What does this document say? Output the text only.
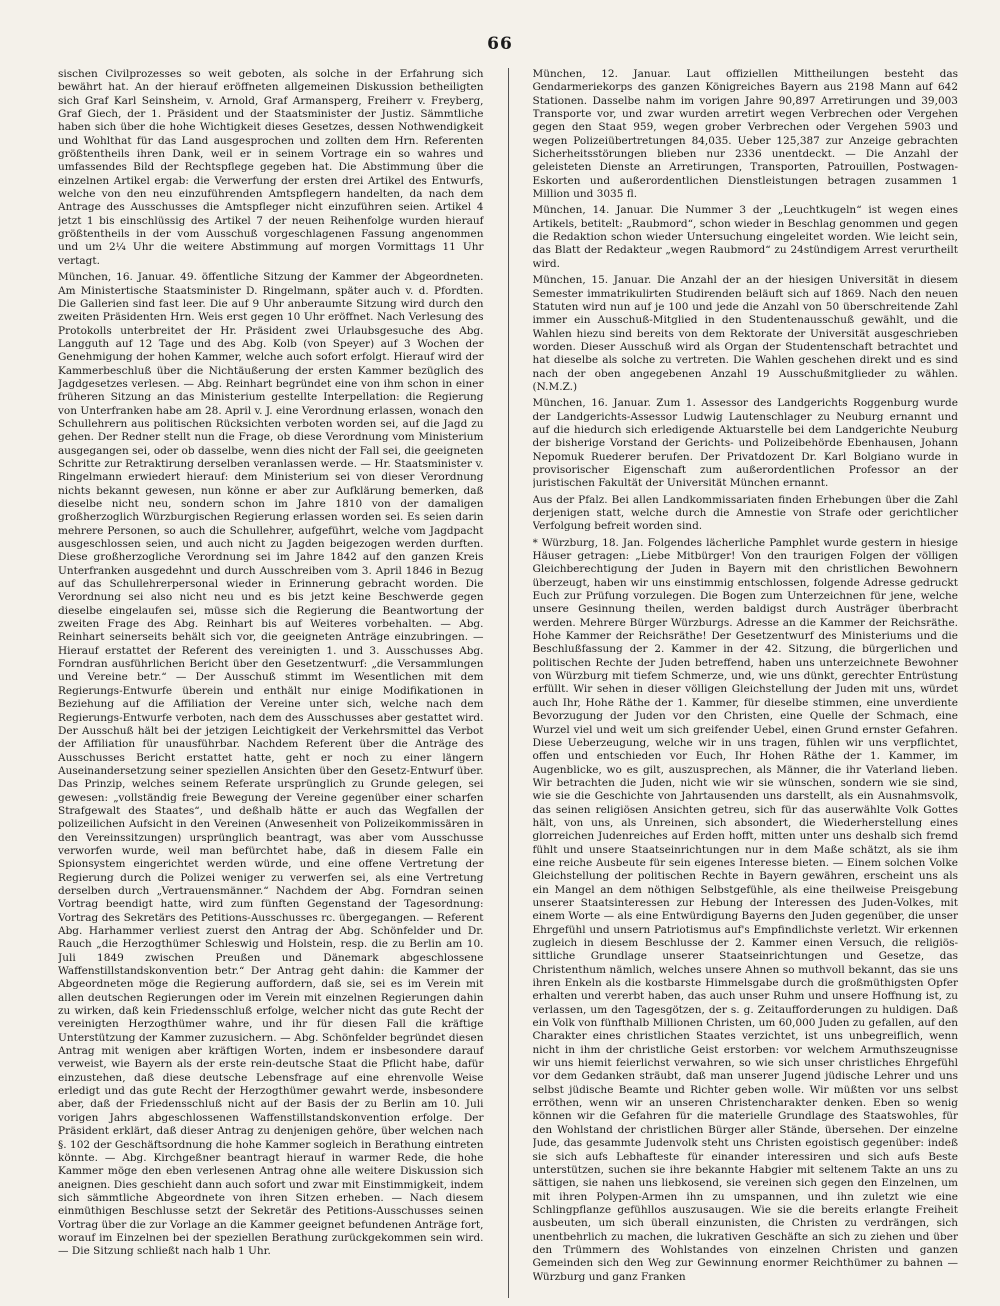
66

sischen Civilprozesses so weit geboten, als solche in der Erfahrung sich bewährt hat. An der hierauf eröffneten allgemeinen Diskussion betheiligten sich Graf Karl Seinsheim, v. Arnold, Graf Armansperg, Freiherr v. Freyberg, Graf Giech, der 1. Präsident und der Staatsminister der Justiz. Sämmtliche haben sich über die hohe Wichtigkeit dieses Gesetzes, dessen Nothwendigkeit und Wohlthat für das Land ausgesprochen und zollten dem Hrn. Referenten größtentheils ihren Dank, weil er in seinem Vortrage ein so wahres und umfassendes Bild der Rechtspflege gegeben hat. Die Abstimmung über die einzelnen Artikel ergab: die Verwerfung der ersten drei Artikel des Entwurfs, welche von den neu einzuführenden Amtspflegern handelten, da nach dem Antrage des Ausschusses die Amtspfleger nicht einzuführen seien. Artikel 4 jetzt 1 bis einschlüssig des Artikel 7 der neuen Reihenfolge wurden hierauf größtentheils in der vom Ausschuß vorgeschlagenen Fassung angenommen und um 2¼ Uhr die weitere Abstimmung auf morgen Vormittags 11 Uhr vertagt.

München, 16. Januar. 49. öffentliche Sitzung der Kammer der Abgeordneten. Am Ministertische Staatsminister D. Ringelmann, später auch v. d. Pfordten. Die Gallerien sind fast leer. Die auf 9 Uhr anberaumte Sitzung wird durch den zweiten Präsidenten Hrn. Weis erst gegen 10 Uhr eröffnet. Nach Verlesung des Protokolls unterbreitet der Hr. Präsident zwei Urlaubsgesuche des Abg. Langguth auf 12 Tage und des Abg. Kolb (von Speyer) auf 3 Wochen der Genehmigung der hohen Kammer, welche auch sofort erfolgt. Hierauf wird der Kammerbeschluß über die Nichtäußerung der ersten Kammer bezüglich des Jagdgesetzes verlesen. — Abg. Reinhart begründet eine von ihm schon in einer früheren Sitzung an das Ministerium gestellte Interpellation: die Regierung von Unterfranken habe am 28. April v. J. eine Verordnung erlassen, wonach den Schullehrern aus politischen Rücksichten verboten worden sei, auf die Jagd zu gehen. Der Redner stellt nun die Frage, ob diese Verordnung vom Ministerium ausgegangen sei, oder ob dasselbe, wenn dies nicht der Fall sei, die geeigneten Schritte zur Retraktirung derselben veranlassen werde. — Hr. Staatsminister v. Ringelmann erwiedert hierauf: dem Ministerium sei von dieser Verordnung nichts bekannt gewesen, nun könne er aber zur Aufklärung bemerken, daß dieselbe nicht neu, sondern schon im Jahre 1810 von der damaligen großherzoglich Würzburgischen Regierung erlassen worden sei. Es seien darin mehrere Personen, so auch die Schullehrer, aufgeführt, welche vom Jagdpacht ausgeschlossen seien, und auch nicht zu Jagden beigezogen werden durften. Diese großherzogliche Verordnung sei im Jahre 1842 auf den ganzen Kreis Unterfranken ausgedehnt und durch Ausschreiben vom 3. April 1846 in Bezug auf das Schullehrerpersonal wieder in Erinnerung gebracht worden. Die Verordnung sei also nicht neu und es bis jetzt keine Beschwerde gegen dieselbe eingelaufen sei, müsse sich die Regierung die Beantwortung der zweiten Frage des Abg. Reinhart bis auf Weiteres vorbehalten. — Abg. Reinhart seinerseits behält sich vor, die geeigneten Anträge einzubringen. — Hierauf erstattet der Referent des vereinigten 1. und 3. Ausschusses Abg. Forndran ausführlichen Bericht über den Gesetzentwurf: „die Versammlungen und Vereine betr.“ — Der Ausschuß stimmt im Wesentlichen mit dem Regierungs-Entwurfe überein und enthält nur einige Modifikationen in Beziehung auf die Affiliation der Vereine unter sich, welche nach dem Regierungs-Entwurfe verboten, nach dem des Ausschusses aber gestattet wird. Der Ausschuß hält bei der jetzigen Leichtigkeit der Verkehrsmittel das Verbot der Affiliation für unausführbar. Nachdem Referent über die Anträge des Ausschusses Bericht erstattet hatte, geht er noch zu einer längern Auseinandersetzung seiner speziellen Ansichten über den Gesetz-Entwurf über. Das Prinzip, welches seinem Referate ursprünglich zu Grunde gelegen, sei gewesen: „vollständig freie Bewegung der Vereine gegenüber einer scharfen Strafgewalt des Staates“, und deßhalb hätte er auch das Wegfallen der polizeilichen Aufsicht in den Vereinen (Anwesenheit von Polizeikommissären in den Vereinssitzungen) ursprünglich beantragt, was aber vom Ausschusse verworfen wurde, weil man befürchtet habe, daß in diesem Falle ein Spionsystem eingerichtet werden würde, und eine offene Vertretung der Regierung durch die Polizei weniger zu verwerfen sei, als eine Vertretung derselben durch „Vertrauensmänner.“ Nachdem der Abg. Forndran seinen Vortrag beendigt hatte, wird zum fünften Gegenstand der Tagesordnung: Vortrag des Sekretärs des Petitions-Ausschusses rc. übergegangen. — Referent Abg. Harhammer verliest zuerst den Antrag der Abg. Schönfelder und Dr. Rauch „die Herzogthümer Schleswig und Holstein, resp. die zu Berlin am 10. Juli 1849 zwischen Preußen und Dänemark abgeschlossene Waffenstillstandskonvention betr.“ Der Antrag geht dahin: die Kammer der Abgeordneten möge die Regierung auffordern, daß sie, sei es im Verein mit allen deutschen Regierungen oder im Verein mit einzelnen Regierungen dahin zu wirken, daß kein Friedensschluß erfolge, welcher nicht das gute Recht der vereinigten Herzogthümer wahre, und ihr für diesen Fall die kräftige Unterstützung der Kammer zuzusichern. — Abg. Schönfelder begründet diesen Antrag mit wenigen aber kräftigen Worten, indem er insbesondere darauf verweist, wie Bayern als der erste rein-deutsche Staat die Pflicht habe, dafür einzustehen, daß diese deutsche Lebensfrage auf eine ehrenvolle Weise erledigt und das gute Recht der Herzogthümer gewahrt werde, insbesondere aber, daß der Friedensschluß nicht auf der Basis der zu Berlin am 10. Juli vorigen Jahrs abgeschlossenen Waffenstillstandskonvention erfolge. Der Präsident erklärt, daß dieser Antrag zu denjenigen gehöre, über welchen nach §. 102 der Geschäftsordnung die hohe Kammer sogleich in Berathung eintreten könnte. — Abg. Kirchgeßner beantragt hierauf in warmer Rede, die hohe Kammer möge den eben verlesenen Antrag ohne alle weitere Diskussion sich aneignen. Dies geschieht dann auch sofort und zwar mit Einstimmigkeit, indem sich sämmtliche Abgeordnete von ihren Sitzen erheben. — Nach diesem einmüthigen Beschlusse setzt der Sekretär des Petitions-Ausschusses seinen Vortrag über die zur Vorlage an die Kammer geeignet befundenen Anträge fort, worauf im Einzelnen bei der speziellen Berathung zurückgekommen sein wird. — Die Sitzung schließt nach halb 1 Uhr.

München, 12. Januar. Laut offiziellen Mittheilungen besteht das Gendarmeriekorps des ganzen Königreiches Bayern aus 2198 Mann auf 642 Stationen. Dasselbe nahm im vorigen Jahre 90,897 Arretirungen und 39,003 Transporte vor, und zwar wurden arretirt wegen Verbrechen oder Vergehen gegen den Staat 959, wegen grober Verbrechen oder Vergehen 5903 und wegen Polizeiübertretungen 84,035. Ueber 125,387 zur Anzeige gebrachten Sicherheitsstörungen blieben nur 2336 unentdeckt. — Die Anzahl der geleisteten Dienste an Arretirungen, Transporten, Patrouillen, Postwagen-Eskorten und außerordentlichen Dienstleistungen betragen zusammen 1 Million und 3035 fl.

München, 14. Januar. Die Nummer 3 der „Leuchtkugeln“ ist wegen eines Artikels, betitelt: „Raubmord“, schon wieder in Beschlag genommen und gegen die Redaktion schon wieder Untersuchung eingeleitet worden. Wie leicht sein, das Blatt der Redakteur „wegen Raubmord“ zu 24stündigem Arrest verurtheilt wird.

München, 15. Januar. Die Anzahl der an der hiesigen Universität in diesem Semester immatrikulirten Studirenden beläuft sich auf 1869. Nach den neuen Statuten wird nun auf je 100 und jede die Anzahl von 50 überschreitende Zahl immer ein Ausschuß-Mitglied in den Studentenausschuß gewählt, und die Wahlen hiezu sind bereits von dem Rektorate der Universität ausgeschrieben worden. Dieser Ausschuß wird als Organ der Studentenschaft betrachtet und hat dieselbe als solche zu vertreten. Die Wahlen geschehen direkt und es sind nach der oben angegebenen Anzahl 19 Ausschußmitglieder zu wählen. (N.M.Z.)

München, 16. Januar. Zum 1. Assessor des Landgerichts Roggenburg wurde der Landgerichts-Assessor Ludwig Lautenschlager zu Neuburg ernannt und auf die hiedurch sich erledigende Aktuarstelle bei dem Landgerichte Neuburg der bisherige Vorstand der Gerichts- und Polizeibehörde Ebenhausen, Johann Nepomuk Ruederer berufen. Der Privatdozent Dr. Karl Bolgiano wurde in provisorischer Eigenschaft zum außerordentlichen Professor an der juristischen Fakultät der Universität München ernannt.

Aus der Pfalz. Bei allen Landkommissariaten finden Erhebungen über die Zahl derjenigen statt, welche durch die Amnestie von Strafe oder gerichtlicher Verfolgung befreit worden sind.

* Würzburg, 18. Jan. Folgendes lächerliche Pamphlet wurde gestern in hiesige Häuser getragen: „Liebe Mitbürger! Von den traurigen Folgen der völligen Gleichberechtigung der Juden in Bayern mit den christlichen Bewohnern überzeugt, haben wir uns einstimmig entschlossen, folgende Adresse gedruckt Euch zur Prüfung vorzulegen. Die Bogen zum Unterzeichnen für jene, welche unsere Gesinnung theilen, werden baldigst durch Austräger überbracht werden. Mehrere Bürger Würzburgs. Adresse an die Kammer der Reichsräthe. Hohe Kammer der Reichsräthe! Der Gesetzentwurf des Ministeriums und die Beschlußfassung der 2. Kammer in der 42. Sitzung, die bürgerlichen und politischen Rechte der Juden betreffend, haben uns unterzeichnete Bewohner von Würzburg mit tiefem Schmerze, und, wie uns dünkt, gerechter Entrüstung erfüllt. Wir sehen in dieser völligen Gleichstellung der Juden mit uns, würdet auch Ihr, Hohe Räthe der 1. Kammer, für dieselbe stimmen, eine unverdiente Bevorzugung der Juden vor den Christen, eine Quelle der Schmach, eine Wurzel viel und weit um sich greifender Uebel, einen Grund ernster Gefahren. Diese Ueberzeugung, welche wir in uns tragen, fühlen wir uns verpflichtet, offen und entschieden vor Euch, Ihr Hohen Räthe der 1. Kammer, im Augenblicke, wo es gilt, auszusprechen, als Männer, die ihr Vaterland lieben. Wir betrachten die Juden, nicht wie wir sie wünschen, sondern wie sie sind, wie sie die Geschichte von Jahrtausenden uns darstellt, als ein Ausnahmsvolk, das seinen religiösen Ansichten getreu, sich für das auserwählte Volk Gottes hält, von uns, als Unreinen, sich absondert, die Wiederherstellung eines glorreichen Judenreiches auf Erden hofft, mitten unter uns deshalb sich fremd fühlt und unsere Staatseinrichtungen nur in dem Maße schätzt, als sie ihm eine reiche Ausbeute für sein eigenes Interesse bieten. — Einem solchen Volke Gleichstellung der politischen Rechte in Bayern gewähren, erscheint uns als ein Mangel an dem nöthigen Selbstgefühle, als eine theilweise Preisgebung unserer Staatsinteressen zur Hebung der Interessen des Juden-Volkes, mit einem Worte — als eine Entwürdigung Bayerns den Juden gegenüber, die unser Ehrgefühl und unsern Patriotismus auf's Empfindlichste verletzt. Wir erkennen zugleich in diesem Beschlusse der 2. Kammer einen Versuch, die religiös-sittliche Grundlage unserer Staatseinrichtungen und Gesetze, das Christenthum nämlich, welches unsere Ahnen so muthvoll bekannt, das sie uns ihren Enkeln als die kostbarste Himmelsgabe durch die großmüthigsten Opfer erhalten und vererbt haben, das auch unser Ruhm und unsere Hoffnung ist, zu verlassen, um den Tagesgötzen, der s. g. Zeitaufforderungen zu huldigen. Daß ein Volk von fünfthalb Millionen Christen, um 60,000 Juden zu gefallen, auf den Charakter eines christlichen Staates verzichtet, ist uns unbegreiflich, wenn nicht in ihm der christliche Geist erstorben: vor welchem Armuthszeugnisse wir uns hiemit feierlichst verwahren, so wie sich unser christliches Ehrgefühl vor dem Gedanken sträubt, daß man unserer Jugend jüdische Lehrer und uns selbst jüdische Beamte und Richter geben wolle. Wir müßten vor uns selbst erröthen, wenn wir an unseren Christencharakter denken. Eben so wenig können wir die Gefahren für die materielle Grundlage des Staatswohles, für den Wohlstand der christlichen Bürger aller Stände, übersehen. Der einzelne Jude, das gesammte Judenvolk steht uns Christen egoistisch gegenüber: indeß sie sich aufs Lebhafteste für einander interessiren und sich aufs Beste unterstützen, suchen sie ihre bekannte Habgier mit seltenem Takte an uns zu sättigen, sie nahen uns liebkosend, sie vereinen sich gegen den Einzelnen, um mit ihren Polypen-Armen ihn zu umspannen, und ihn zuletzt wie eine Schlingpflanze gefühllos auszusaugen. Wie sie die bereits erlangte Freiheit ausbeuten, um sich überall einzunisten, die Christen zu verdrängen, sich unentbehrlich zu machen, die lukrativen Geschäfte an sich zu ziehen und über den Trümmern des Wohlstandes von einzelnen Christen und ganzen Gemeinden sich den Weg zur Gewinnung enormer Reichthümer zu bahnen — Würzburg und ganz Franken
